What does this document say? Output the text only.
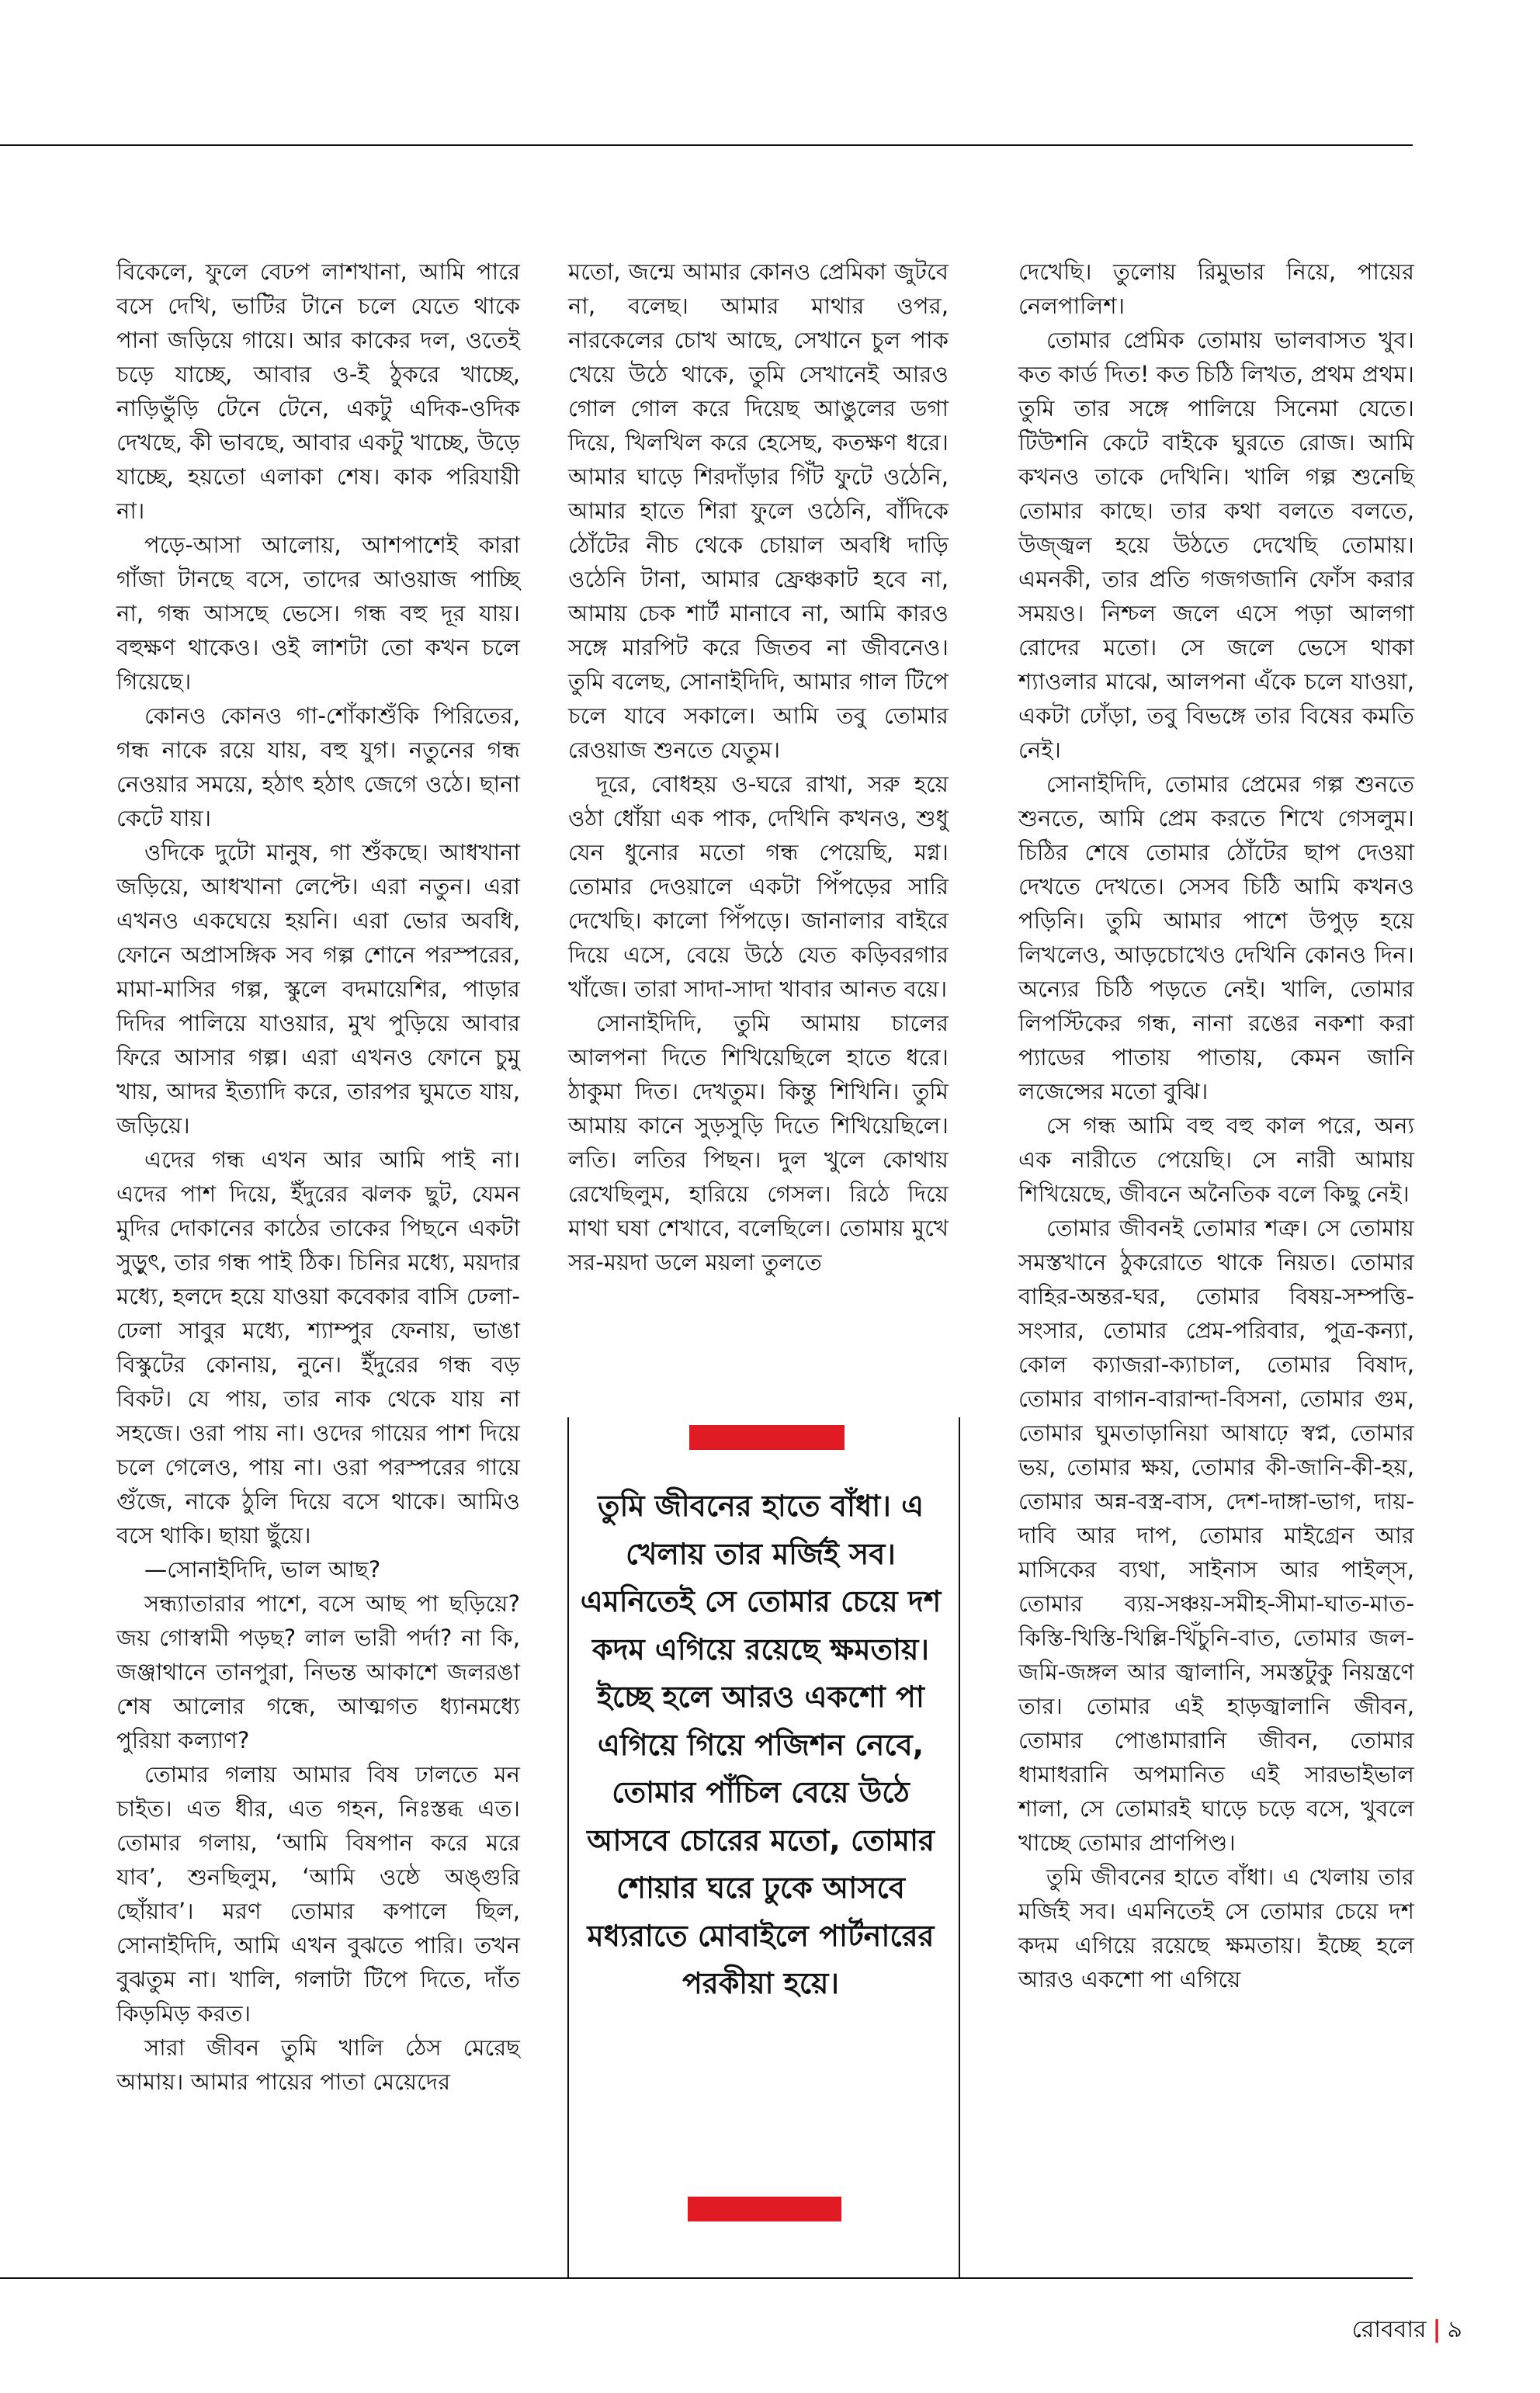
বিকেলে, ফুলে বেঢপ লাশখানা, আমি পারে বসে দেখি, ভাটির টানে চলে যেতে থাকে পানা জড়িয়ে গায়ে। আর কাকের দল, ওতেই চড়ে যাচ্ছে, আবার ও-ই ঠুকরে খাচ্ছে, নাড়িভুঁড়ি টেনে টেনে, একটু এদিক-ওদিক দেখছে, কী ভাবছে, আবার একটু খাচ্ছে, উড়ে যাচ্ছে, হয়তো এলাকা শেষ। কাক পরিযায়ী না।

পড়ে-আসা আলোয়, আশপাশেই কারা গাঁজা টানছে বসে, তাদের আওয়াজ পাচ্ছি না, গন্ধ আসছে ভেসে। গন্ধ বহু দূর যায়। বহুক্ষণ থাকেও। ওই লাশটা তো কখন চলে গিয়েছে।

কোনও কোনও গা-শোঁকাশুঁকি পিরিতের, গন্ধ নাকে রয়ে যায়, বহু যুগ। নতুনের গন্ধ নেওয়ার সময়ে, হঠাৎ হঠাৎ জেগে ওঠে। ছানা কেটে যায়।

ওদিকে দুটো মানুষ, গা শুঁকছে। আধখানা জড়িয়ে, আধখানা লেপ্টে। এরা নতুন। এরা এখনও একঘেয়ে হয়নি। এরা ভোর অবধি, ফোনে অপ্রাসঙ্গিক সব গল্প শোনে পরস্পরের, মামা-মাসির গল্প, স্কুলে বদমায়েশির, পাড়ার দিদির পালিয়ে যাওয়ার, মুখ পুড়িয়ে আবার ফিরে আসার গল্প। এরা এখনও ফোনে চুমু খায়, আদর ইত্যাদি করে, তারপর ঘুমতে যায়, জড়িয়ে।

এদের গন্ধ এখন আর আমি পাই না। এদের পাশ দিয়ে, ইঁদুরের ঝলক ছুট, যেমন মুদির দোকানের কাঠের তাকের পিছনে একটা সুড়ুৎ, তার গন্ধ পাই ঠিক। চিনির মধ্যে, ময়দার মধ্যে, হলদে হয়ে যাওয়া কবেকার বাসি ঢেলা-ঢেলা সাবুর মধ্যে, শ্যাম্পুর ফেনায়, ভাঙা বিস্কুটের কোনায়, নুনে। ইঁদুরের গন্ধ বড় বিকট। যে পায়, তার নাক থেকে যায় না সহজে। ওরা পায় না। ওদের গায়ের পাশ দিয়ে চলে গেলেও, পায় না। ওরা পরস্পরের গায়ে গুঁজে, নাকে ঠুলি দিয়ে বসে থাকে। আমিও বসে থাকি। ছায়া ছুঁয়ে।

—সোনাইদিদি, ভাল আছ?

সন্ধ্যাতারার পাশে, বসে আছ পা ছড়িয়ে? জয় গোস্বামী পড়ছ? লাল ভারী পর্দা? না কি, জঞ্জাথানে তানপুরা, নিভন্ত আকাশে জলরঙা শেষ আলোর গন্ধে, আত্মগত ধ্যানমধ্যে পুরিয়া কল্যাণ?

তোমার গলায় আমার বিষ ঢালতে মন চাইত। এত ধীর, এত গহন, নিঃস্তব্ধ এত। তোমার গলায়, ‘আমি বিষপান করে মরে যাব’, শুনছিলুম, ‘আমি ওষ্ঠে অঙ্গুরি ছোঁয়াব’। মরণ তোমার কপালে ছিল, সোনাইদিদি, আমি এখন বুঝতে পারি। তখন বুঝতুম না। খালি, গলাটা টিপে দিতে, দাঁত কিড়মিড় করত।

সারা জীবন তুমি খালি ঠেস মেরেছ আমায়। আমার পায়ের পাতা মেয়েদের

মতো, জন্মে আমার কোনও প্রেমিকা জুটবে না, বলেছ। আমার মাথার ওপর, নারকেলের চোখ আছে, সেখানে চুল পাক খেয়ে উঠে থাকে, তুমি সেখানেই আরও গোল গোল করে দিয়েছ আঙুলের ডগা দিয়ে, খিলখিল করে হেসেছ, কতক্ষণ ধরে। আমার ঘাড়ে শিরদাঁড়ার গিঁট ফুটে ওঠেনি, আমার হাতে শিরা ফুলে ওঠেনি, বাঁদিকে ঠোঁটের নীচ থেকে চোয়াল অবধি দাড়ি ওঠেনি টানা, আমার ফ্রেঞ্চকাট হবে না, আমায় চেক শার্ট মানাবে না, আমি কারও সঙ্গে মারপিট করে জিতব না জীবনেও। তুমি বলেছ, সোনাইদিদি, আমার গাল টিপে চলে যাবে সকালে। আমি তবু তোমার রেওয়াজ শুনতে যেতুম।

দূরে, বোধহয় ও-ঘরে রাখা, সরু হয়ে ওঠা ধোঁয়া এক পাক, দেখিনি কখনও, শুধু যেন ধুনোর মতো গন্ধ পেয়েছি, মগ্ন। তোমার দেওয়ালে একটা পিঁপড়ের সারি দেখেছি। কালো পিঁপড়ে। জানালার বাইরে দিয়ে এসে, বেয়ে উঠে যেত কড়িবরগার খাঁজে। তারা সাদা-সাদা খাবার আনত বয়ে।

সোনাইদিদি, তুমি আমায় চালের আলপনা দিতে শিখিয়েছিলে হাতে ধরে। ঠাকুমা দিত। দেখতুম। কিন্তু শিখিনি। তুমি আমায় কানে সুড়সুড়ি দিতে শিখিয়েছিলে। লতি। লতির পিছন। দুল খুলে কোথায় রেখেছিলুম, হারিয়ে গেসল। রিঠে দিয়ে মাথা ঘষা শেখাবে, বলেছিলে। তোমায় মুখে সর-ময়দা ডলে ময়লা তুলতে

দেখেছি। তুলোয় রিমুভার নিয়ে, পায়ের নেলপালিশ।

তোমার প্রেমিক তোমায় ভালবাসত খুব। কত কার্ড দিত! কত চিঠি লিখত, প্রথম প্রথম। তুমি তার সঙ্গে পালিয়ে সিনেমা যেতে। টিউশনি কেটে বাইকে ঘুরতে রোজ। আমি কখনও তাকে দেখিনি। খালি গল্প শুনেছি তোমার কাছে। তার কথা বলতে বলতে, উজ্জ্বল হয়ে উঠতে দেখেছি তোমায়। এমনকী, তার প্রতি গজগজানি ফোঁস করার সময়ও। নিশ্চল জলে এসে পড়া আলগা রোদের মতো। সে জলে ভেসে থাকা শ্যাওলার মাঝে, আলপনা এঁকে চলে যাওয়া, একটা ঢোঁড়া, তবু বিভঙ্গে তার বিষের কমতি নেই।

সোনাইদিদি, তোমার প্রেমের গল্প শুনতে শুনতে, আমি প্রেম করতে শিখে গেসলুম। চিঠির শেষে তোমার ঠোঁটের ছাপ দেওয়া দেখতে দেখতে। সেসব চিঠি আমি কখনও পড়িনি। তুমি আমার পাশে উপুড় হয়ে লিখলেও, আড়চোখেও দেখিনি কোনও দিন। অন্যের চিঠি পড়তে নেই। খালি, তোমার লিপস্টিকের গন্ধ, নানা রঙের নকশা করা প্যাডের পাতায় পাতায়, কেমন জানি লজেন্সের মতো বুঝি।

সে গন্ধ আমি বহু বহু কাল পরে, অন্য এক নারীতে পেয়েছি। সে নারী আমায় শিখিয়েছে, জীবনে অনৈতিক বলে কিছু নেই।

তোমার জীবনই তোমার শত্রু। সে তোমায় সমস্তখানে ঠুকরোতে থাকে নিয়ত। তোমার বাহির-অন্তর-ঘর, তোমার বিষয়-সম্পত্তি-সংসার, তোমার প্রেম-পরিবার, পুত্র-কন্যা, কোল ক্যাজরা-ক্যাচাল, তোমার বিষাদ, তোমার বাগান-বারান্দা-বিসনা, তোমার গুম, তোমার ঘুমতাড়ানিয়া আষাঢ়ে স্বপ্ন, তোমার ভয়, তোমার ক্ষয়, তোমার কী-জানি-কী-হয়, তোমার অন্ন-বস্ত্র-বাস, দেশ-দাঙ্গা-ভাগ, দায়-দাবি আর দাপ, তোমার মাইগ্রেন আর মাসিকের ব্যথা, সাইনাস আর পাইল্‌স, তোমার ব্যয়-সঞ্চয়-সমীহ-সীমা-ঘাত-মাত-কিস্তি-খিস্তি-খিল্লি-খিঁচুনি-বাত, তোমার জল-জমি-জঙ্গল আর জ্বালানি, সমস্তটুকু নিয়ন্ত্রণে তার। তোমার এই হাড়জ্বালানি জীবন, তোমার পোঙামারানি জীবন, তোমার ধামাধরানি অপমানিত এই সারভাইভাল শালা, সে তোমারই ঘাড়ে চড়ে বসে, খুবলে খাচ্ছে তোমার প্রাণপিণ্ড।

তুমি জীবনের হাতে বাঁধা। এ খেলায় তার মর্জিই সব। এমনিতেই সে তোমার চেয়ে দশ কদম এগিয়ে রয়েছে ক্ষমতায়। ইচ্ছে হলে আরও একশো পা এগিয়ে

তুমি জীবনের হাতে বাঁধা। এ খেলায় তার মর্জিই সব। এমনিতেই সে তোমার চেয়ে দশ কদম এগিয়ে রয়েছে ক্ষমতায়। ইচ্ছে হলে আরও একশো পা এগিয়ে গিয়ে পজিশন নেবে, তোমার পাঁচিল বেয়ে উঠে আসবে চোরের মতো, তোমার শোয়ার ঘরে ঢুকে আসবে মধ্যরাতে মোবাইলে পার্টনারের পরকীয়া হয়ে।
রোববার | ৯
